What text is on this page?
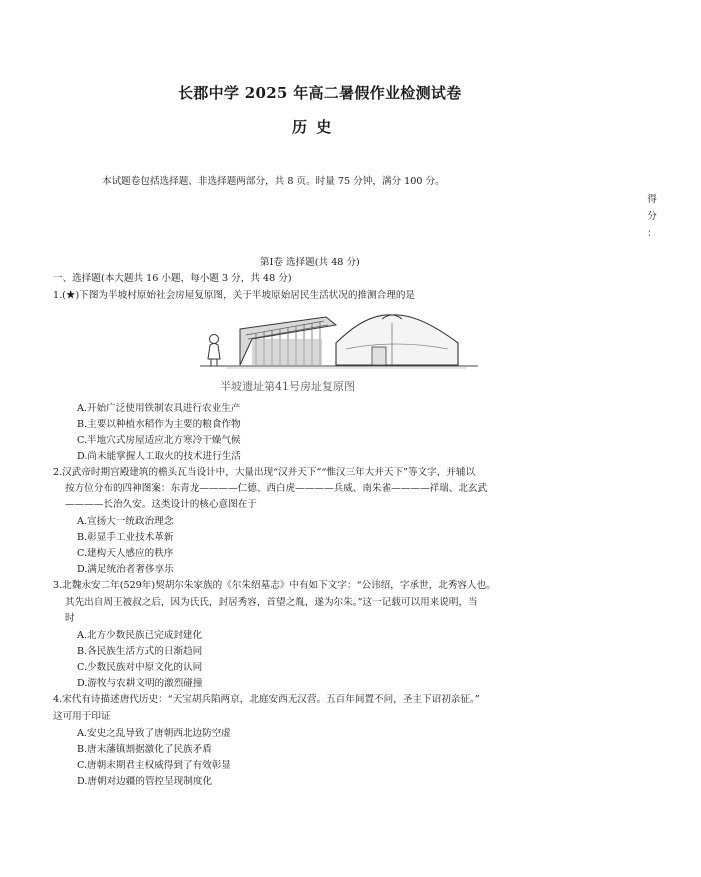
长郡中学 2025 年高二暑假作业检测试卷
历 史
本试题卷包括选择题、非选择题两部分，共 8 页。时量 75 分钟，满分 100 分。
得
分
：
第Ⅰ卷 选择题(共 48 分)
一、选择题(本大题共 16 小题，每小题 3 分，共 48 分)
1.(★)下图为半坡村原始社会房屋复原图，关于半坡原始居民生活状况的推测合理的是
半坡遗址第41号房址复原图
A.开始广泛使用铁制农具进行农业生产
B.主要以种植水稻作为主要的粮食作物
C.半地穴式房屋适应北方寒冷干燥气候
D.尚未能掌握人工取火的技术进行生活
2.汉武帝时期宫殿建筑的檐头瓦当设计中，大量出现“汉并天下”“惟汉三年大并天下”等文字，并辅以
按方位分布的四神图案：东青龙————仁德、西白虎————兵威、南朱雀————祥瑞、北玄武
————长治久安。这类设计的核心意图在于
A.宣扬大一统政治理念
B.彰显手工业技术革新
C.建构天人感应的秩序
D.满足统治者奢侈享乐
3.北魏永安二年(529年)契胡尔朱家族的《尔朱绍墓志》中有如下文字：“公讳绍，字承世，北秀容人也。
其先出自周王被叔之后，因为氏氏，封居秀容，首望之胤，遂为尔朱。”这一记载可以用来说明，当
时
A.北方少数民族已完成封建化
B.各民族生活方式的日渐趋同
C.少数民族对中原文化的认同
D.游牧与农耕文明的激烈碰撞
4.宋代有诗描述唐代历史：“天宝胡兵陷两京，北庭安西无汉营。五百年间置不问，圣主下诏初亲征。”
这可用于印证
A.安史之乱导致了唐朝西北边防空虚
B.唐末藩镇割据激化了民族矛盾
C.唐朝末期君主权威得到了有效彰显
D.唐朝对边疆的管控呈现制度化
